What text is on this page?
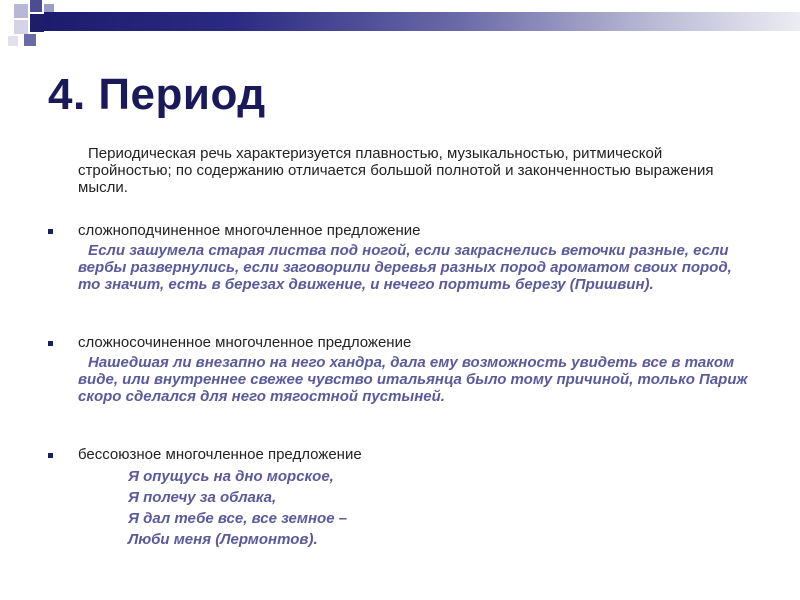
4. Период
Периодическая речь характеризуется плавностью, музыкальностью, ритмической стройностью; по содержанию отличается большой полнотой и законченностью выражения мысли.
сложноподчиненное многочленное предложение
Если зашумела старая листва под ногой, если закраснелись веточки разные, если вербы развернулись, если заговорили деревья разных пород ароматом своих пород, то значит, есть в березах движение, и нечего портить березу (Пришвин).
сложносочиненное многочленное предложение
Нашедшая ли внезапно на него хандра, дала ему возможность увидеть все в таком виде, или внутреннее свежее чувство итальянца было тому причиной, только Париж скоро сделался для него тягостной пустыней.
бессоюзное многочленное предложение
Я опущусь на дно морское,
Я полечу за облака,
Я дал тебе все, все земное –
Люби меня (Лермонтов).
